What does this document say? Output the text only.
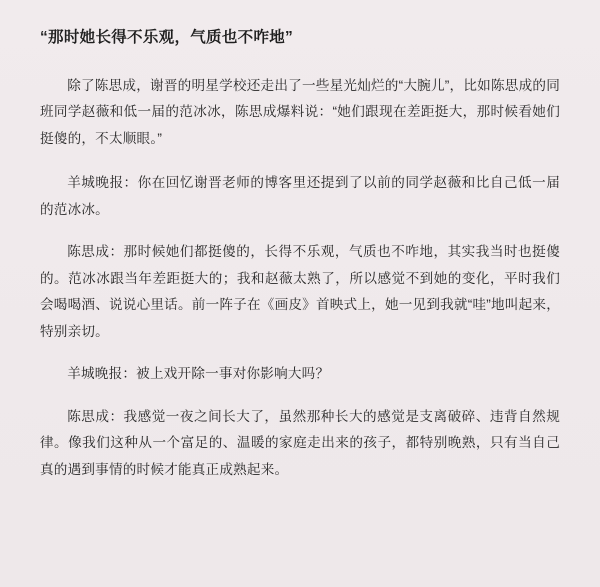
“那时她长得不乐观，气质也不咋地”

除了陈思成，谢晋的明星学校还走出了一些星光灿烂的“大腕儿”，比如陈思成的同班同学赵薇和低一届的范冰冰，陈思成爆料说：“她们跟现在差距挺大，那时候看她们挺傻的，不太顺眼。”

羊城晚报：你在回忆谢晋老师的博客里还提到了以前的同学赵薇和比自己低一届的范冰冰。

陈思成：那时候她们都挺傻的，长得不乐观，气质也不咋地，其实我当时也挺傻的。范冰冰跟当年差距挺大的；我和赵薇太熟了，所以感觉不到她的变化，平时我们会喝喝酒、说说心里话。前一阵子在《画皮》首映式上，她一见到我就“哇”地叫起来，特别亲切。

羊城晚报：被上戏开除一事对你影响大吗？

陈思成：我感觉一夜之间长大了，虽然那种长大的感觉是支离破碎、违背自然规律。像我们这种从一个富足的、温暖的家庭走出来的孩子，都特别晚熟，只有当自己真的遇到事情的时候才能真正成熟起来。
